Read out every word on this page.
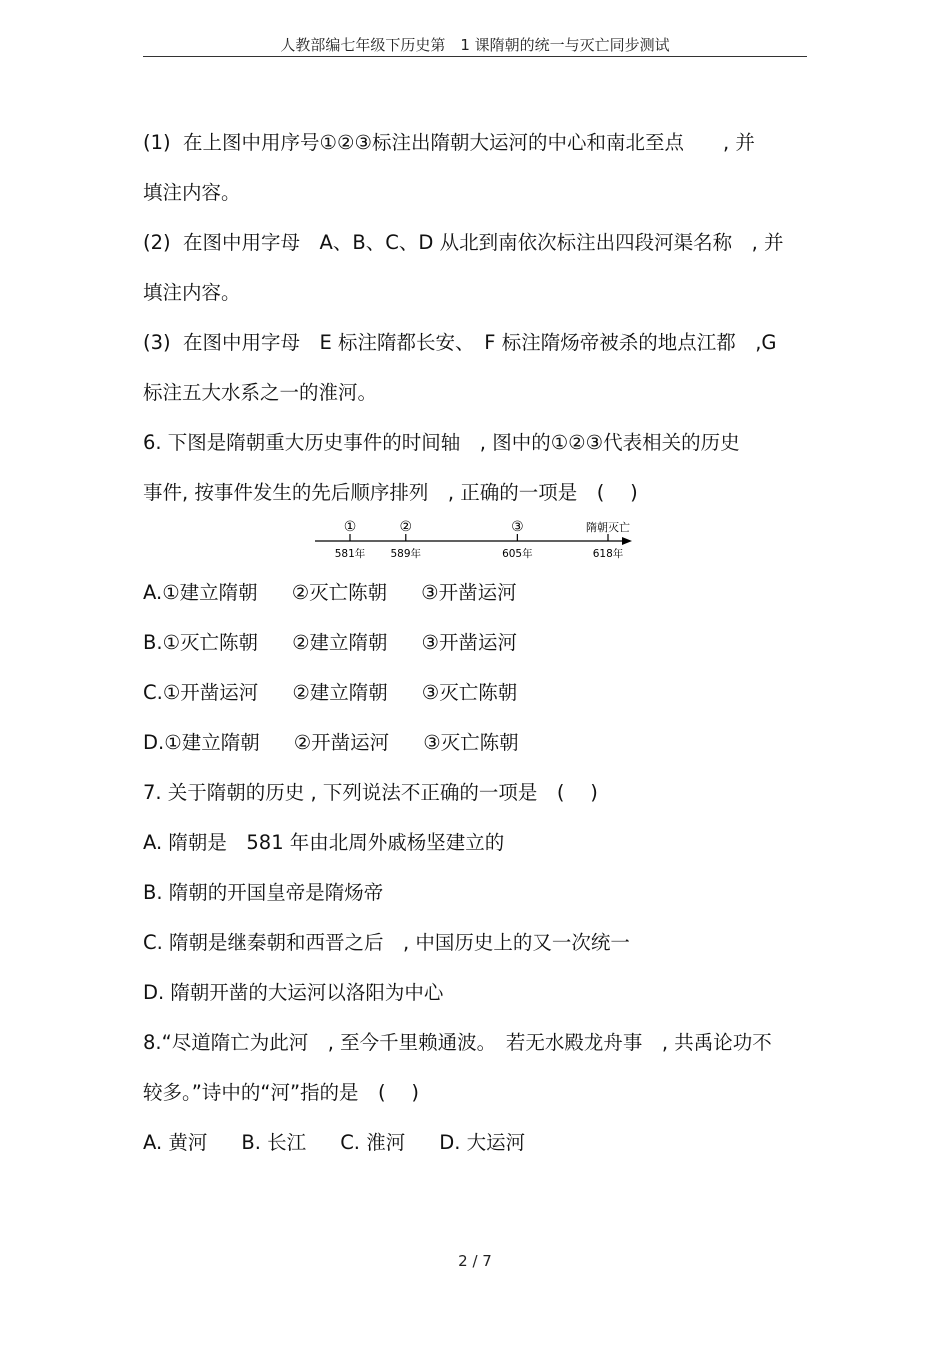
人教部编七年级下历史第　1 课隋朝的统一与灭亡同步测试
(1)  在上图中用序号①②③标注出隋朝大运河的中心和南北至点　　, 并
填注内容。
(2)  在图中用字母　A、B、C、D 从北到南依次标注出四段河渠名称　, 并
填注内容。
(3)  在图中用字母　E 标注隋都长安、　F 标注隋炀帝被杀的地点江都　,G
标注五大水系之一的淮河。
6. 下图是隋朝重大历史事件的时间轴　, 图中的①②③代表相关的历史
事件, 按事件发生的先后顺序排列　, 正确的一项是　(　 )
①
581年
②
589年
③
605年
隋朝灭亡
618年
A.①建立隋朝 ②灭亡陈朝 ③开凿运河
B.①灭亡陈朝 ②建立隋朝 ③开凿运河
C.①开凿运河 ②建立隋朝 ③灭亡陈朝
D.①建立隋朝 ②开凿运河 ③灭亡陈朝
7. 关于隋朝的历史 , 下列说法不正确的一项是　(　 )
A. 隋朝是　581 年由北周外戚杨坚建立的
B. 隋朝的开国皇帝是隋炀帝
C. 隋朝是继秦朝和西晋之后　, 中国历史上的又一次统一
D. 隋朝开凿的大运河以洛阳为中心
8.“尽道隋亡为此河　, 至今千里赖通波。　若无水殿龙舟事　, 共禹论功不
较多。”诗中的“河”指的是　(　 )
A. 黄河 B. 长江 C. 淮河 D. 大运河
2 / 7
